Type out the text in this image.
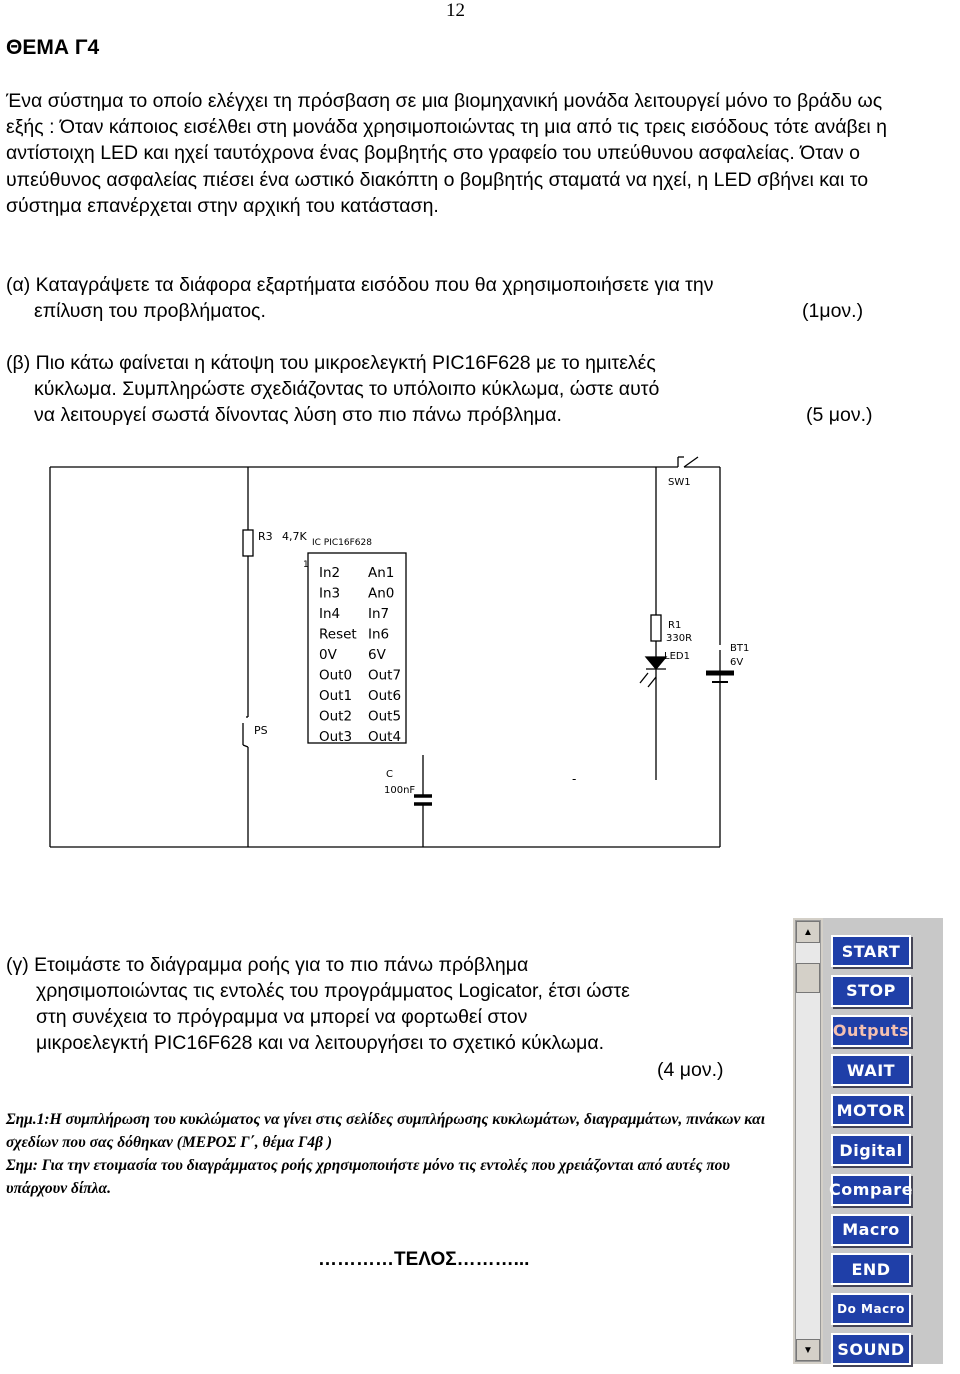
12
ΘΕΜΑ Γ4
Ένα σύστημα το οποίο ελέγχει τη πρόσβαση σε μια βιομηχανική μονάδα λειτουργεί μόνο το βράδυ ως εξής : Όταν κάποιος εισέλθει στη μονάδα χρησιμοποιώντας τη μια από τις τρεις εισόδους τότε ανάβει η αντίστοιχη LED και ηχεί ταυτόχρονα ένας βομβητής στο γραφείο του υπεύθυνου ασφαλείας. Όταν ο υπεύθυνος ασφαλείας πιέσει ένα ωστικό διακόπτη ο βομβητής σταματά να ηχεί, η LED σβήνει και το σύστημα επανέρχεται στην αρχική του κατάσταση.
(α) Καταγράψετε τα διάφορα εξαρτήματα εισόδου που θα χρησιμοποιήσετε για την
επίλυση του προβλήματος.	(1μον.)
(β) Πιο κάτω φαίνεται η κάτοψη του μικροελεγκτή PIC16F628 με το ημιτελές
κύκλωμα. Συμπληρώστε σχεδιάζοντας το υπόλοιπο κύκλωμα, ώστε αυτό
να λειτουργεί σωστά δίνοντας λύση στο πιο πάνω πρόβλημα.	(5 μον.)
R3 4,7K IC PIC16F628
1 In2
In3
In4
Reset
0V
Out0
Out1
Out2
Out3
An1
An0
In7
In6
6V
Out7
Out6
Out5
Out4
PS
C
100nF
SW1
R1
330R
LED1
BT1
6V
-
(γ) Ετοιμάστε το διάγραμμα ροής για το πιο πάνω πρόβλημα
χρησιμοποιώντας τις εντολές του προγράμματος Logicator, έτσι ώστε
στη συνέχεια το πρόγραμμα να μπορεί να φορτωθεί στον
μικροελεγκτή PIC16F628 και να λειτουργήσει το σχετικό κύκλωμα.
(4 μον.)
Σημ.1:Η συμπλήρωση του κυκλώματος να γίνει στις σελίδες συμπλήρωσης κυκλωμάτων, διαγραμμάτων, πινάκων και σχεδίων που σας δόθηκαν (ΜΕΡΟΣ Γ΄, θέμα Γ4β )
Σημ: Για την ετοιμασία του διαγράμματος ροής χρησιμοποιήστε μόνο τις εντολές που χρειάζονται από αυτές που υπάρχουν δίπλα.
…………ΤΕΛΟΣ………...
▲
▼
START
STOP
Outputs
WAIT
MOTOR
Digital
Compare
Macro
END
Do Macro
SOUND
